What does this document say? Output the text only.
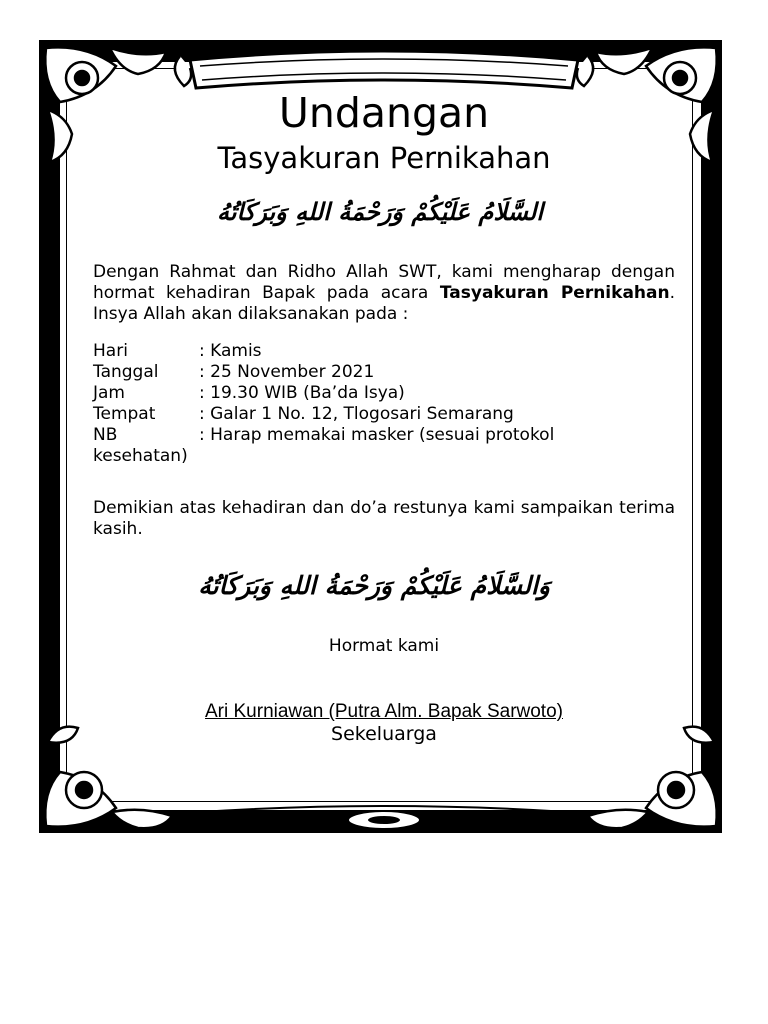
Undangan
Tasyakuran Pernikahan
السَّلَامُ عَلَيْكُمْ وَرَحْمَةُ اللهِ وَبَرَكَاتُهُ
Dengan Rahmat dan Ridho Allah SWT, kami mengharap dengan hormat kehadiran Bapak pada acara Tasyakuran Pernikahan. Insya Allah akan dilaksanakan pada :
Hari	: Kamis
Tanggal	: 25 November 2021
Jam	: 19.30 WIB (Ba’da Isya)
Tempat	: Galar 1 No. 12, Tlogosari Semarang
NB	: Harap memakai masker (sesuai protokol
kesehatan)
Demikian atas kehadiran dan do’a restunya kami sampaikan terima kasih.
وَالسَّلَامُ عَلَيْكُمْ وَرَحْمَةُ اللهِ وَبَرَكَاتُهُ
Hormat kami
Ari Kurniawan (Putra Alm. Bapak Sarwoto)
Sekeluarga
